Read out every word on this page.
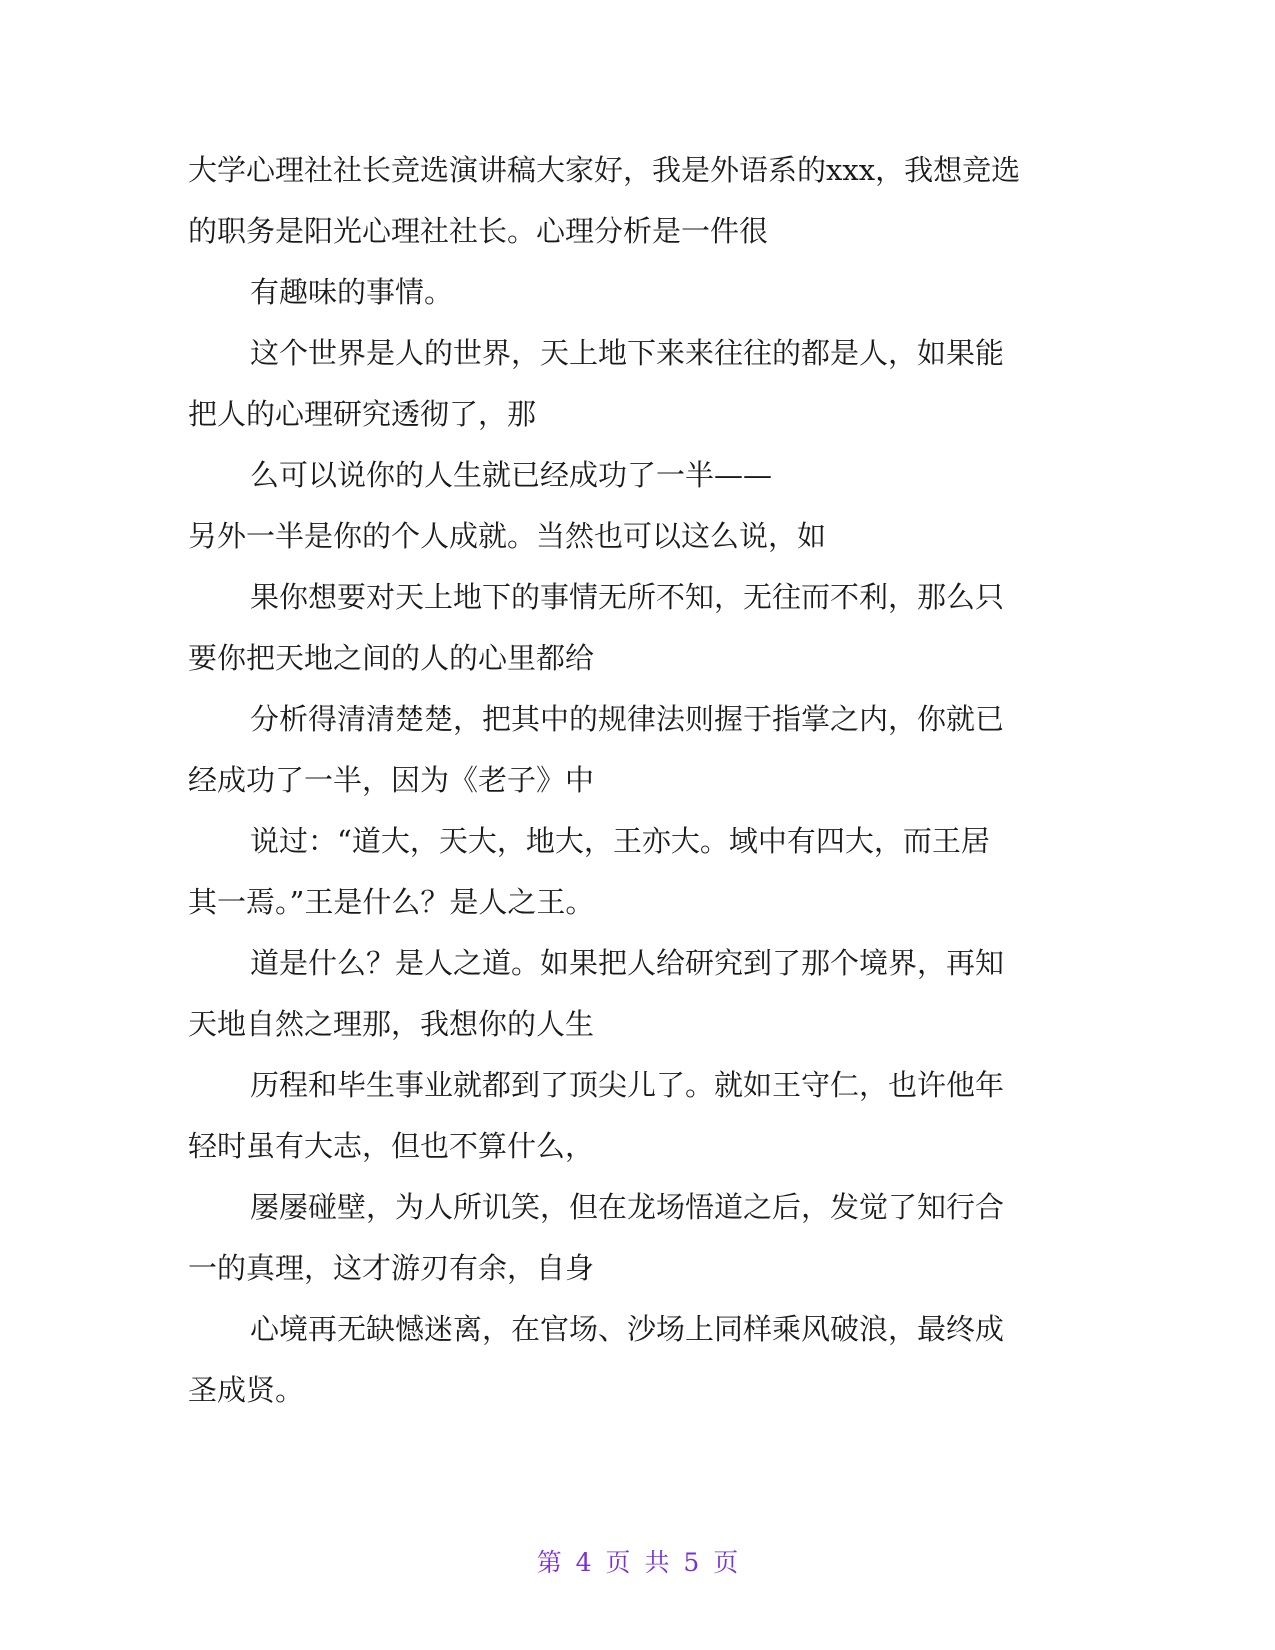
大学心理社社长竞选演讲稿大家好，我是外语系的xxx，我想竞选
的职务是阳光心理社社长。心理分析是一件很
有趣味的事情。
这个世界是人的世界，天上地下来来往往的都是人，如果能
把人的心理研究透彻了，那
么可以说你的人生就已经成功了一半——
另外一半是你的个人成就。当然也可以这么说，如
果你想要对天上地下的事情无所不知，无往而不利，那么只
要你把天地之间的人的心里都给
分析得清清楚楚，把其中的规律法则握于指掌之内，你就已
经成功了一半，因为《老子》中
说过：“道大，天大，地大，王亦大。域中有四大，而王居
其一焉。”王是什么？是人之王。
道是什么？是人之道。如果把人给研究到了那个境界，再知
天地自然之理那，我想你的人生
历程和毕生事业就都到了顶尖儿了。就如王守仁，也许他年
轻时虽有大志，但也不算什么，
屡屡碰壁，为人所讥笑，但在龙场悟道之后，发觉了知行合
一的真理，这才游刃有余，自身
心境再无缺憾迷离，在官场、沙场上同样乘风破浪，最终成
圣成贤。
第 4 页 共 5 页
